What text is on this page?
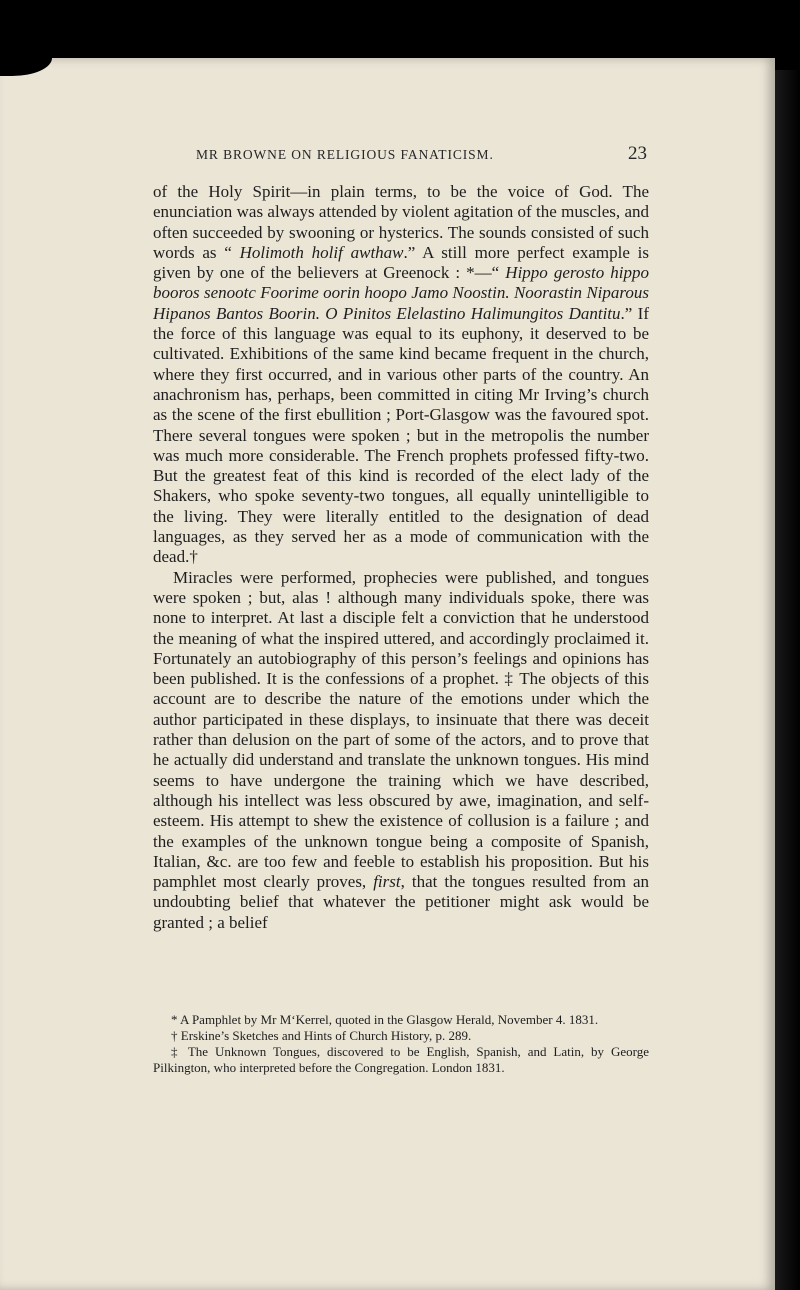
MR BROWNE ON RELIGIOUS FANATICISM.	23

of the Holy Spirit—in plain terms, to be the voice of God. The enunciation was always attended by violent agitation of the muscles, and often succeeded by swooning or hysterics. The sounds consisted of such words as “ Holimoth holif awthaw.” A still more perfect example is given by one of the believers at Greenock : *—“ Hippo gerosto hippo booros senootc Foorime oorin hoopo Jamo Noostin. Noorastin Niparous Hipanos Bantos Boorin. O Pinitos Elelastino Halimungitos Dantitu.” If the force of this language was equal to its euphony, it deserved to be cultivated. Exhibitions of the same kind became frequent in the church, where they first occurred, and in various other parts of the country. An anachronism has, perhaps, been committed in citing Mr Irving’s church as the scene of the first ebullition ; Port-Glasgow was the favoured spot. There several tongues were spoken ; but in the metropolis the number was much more considerable. The French prophets professed fifty-two. But the greatest feat of this kind is recorded of the elect lady of the Shakers, who spoke seventy-two tongues, all equally unintelligible to the living. They were literally entitled to the designation of dead languages, as they served her as a mode of communication with the dead.†

Miracles were performed, prophecies were published, and tongues were spoken ; but, alas ! although many individuals spoke, there was none to interpret. At last a disciple felt a conviction that he understood the meaning of what the inspired uttered, and accordingly proclaimed it. Fortunately an autobiography of this person’s feelings and opinions has been published. It is the confessions of a prophet. ‡ The objects of this account are to describe the nature of the emotions under which the author participated in these displays, to insinuate that there was deceit rather than delusion on the part of some of the actors, and to prove that he actually did understand and translate the unknown tongues. His mind seems to have undergone the training which we have described, although his intellect was less obscured by awe, imagination, and self-esteem. His attempt to shew the existence of collusion is a failure ; and the examples of the unknown tongue being a composite of Spanish, Italian, &c. are too few and feeble to establish his proposition. But his pamphlet most clearly proves, first, that the tongues resulted from an undoubting belief that whatever the petitioner might ask would be granted ; a belief

* A Pamphlet by Mr M‘Kerrel, quoted in the Glasgow Herald, November 4. 1831.

† Erskine’s Sketches and Hints of Church History, p. 289.

‡ The Unknown Tongues, discovered to be English, Spanish, and Latin, by George Pilkington, who interpreted before the Congregation. London 1831.
